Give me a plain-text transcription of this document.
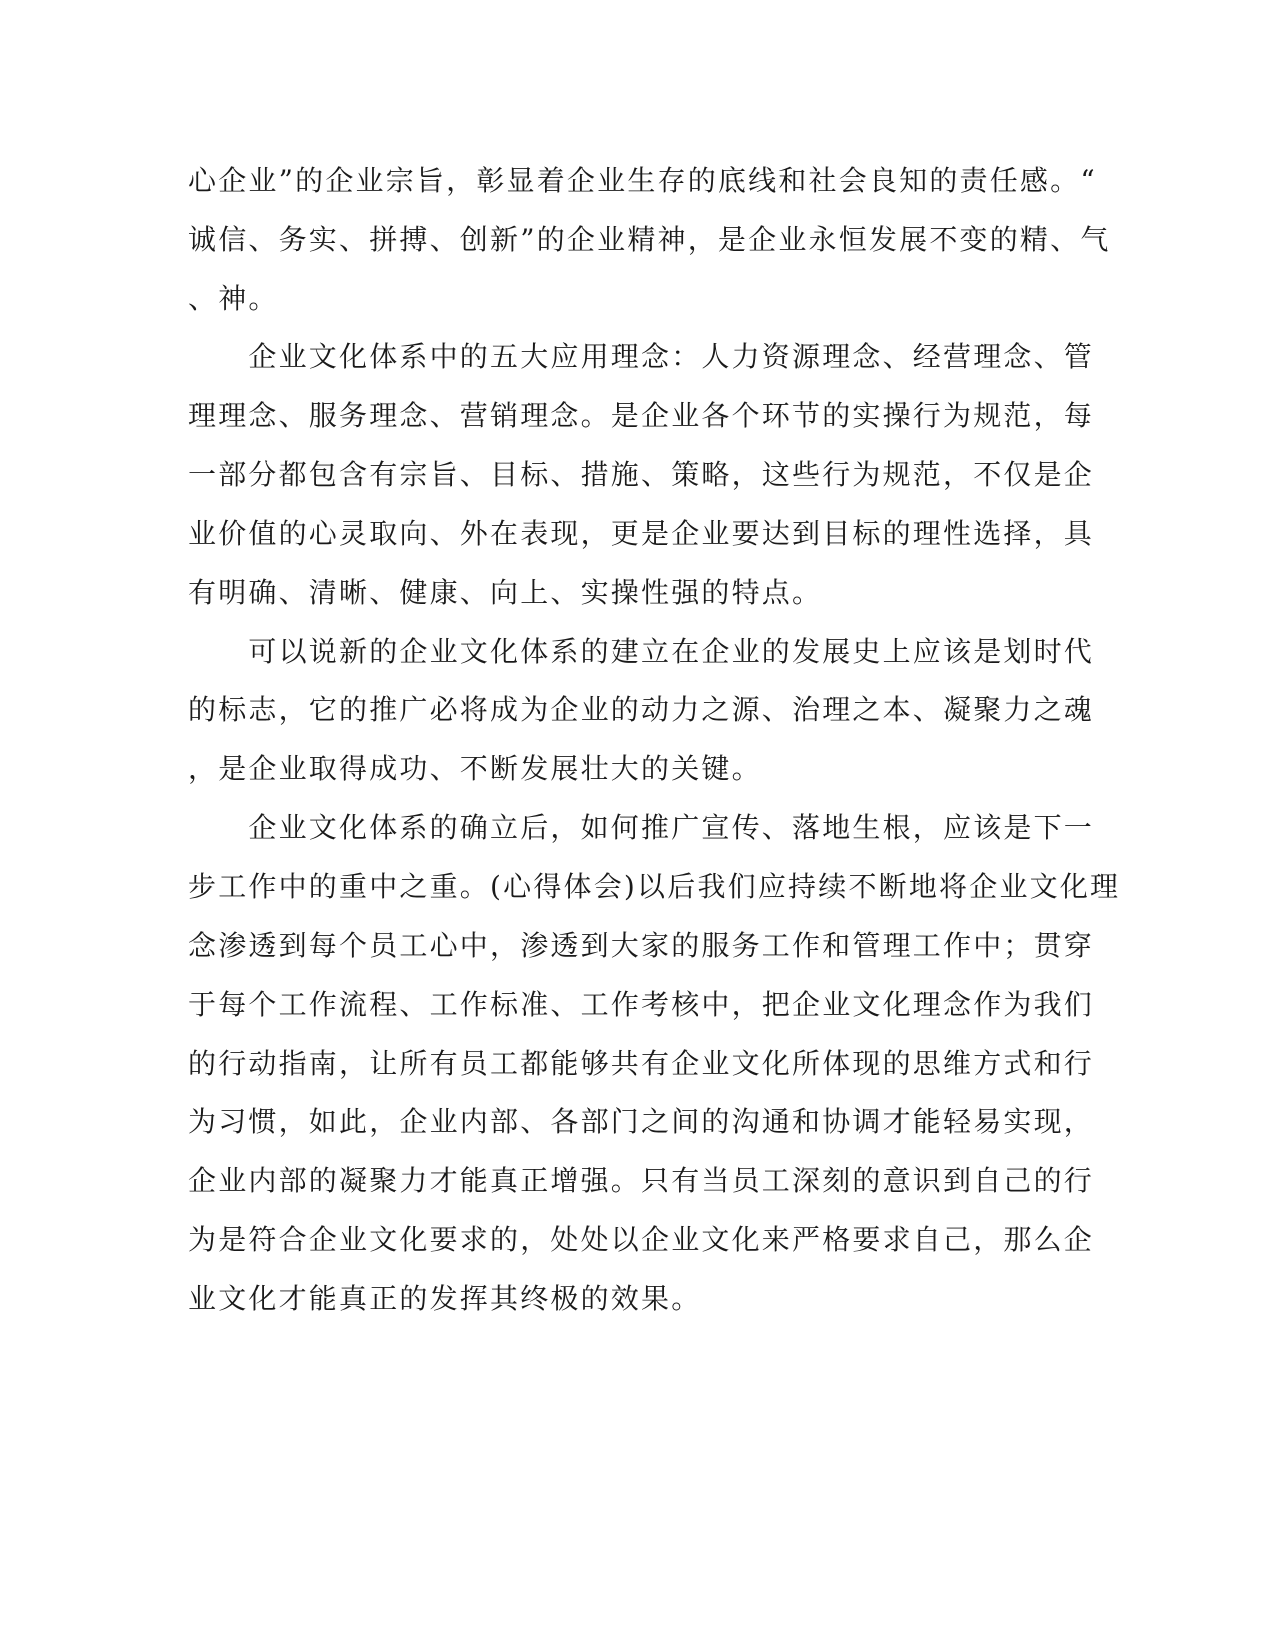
心企业”的企业宗旨，彰显着企业生存的底线和社会良知的责任感。“
诚信、务实、拼搏、创新”的企业精神，是企业永恒发展不变的精、气
、神。
　　企业文化体系中的五大应用理念：人力资源理念、经营理念、管
理理念、服务理念、营销理念。是企业各个环节的实操行为规范，每
一部分都包含有宗旨、目标、措施、策略，这些行为规范，不仅是企
业价值的心灵取向、外在表现，更是企业要达到目标的理性选择，具
有明确、清晰、健康、向上、实操性强的特点。
　　可以说新的企业文化体系的建立在企业的发展史上应该是划时代
的标志，它的推广必将成为企业的动力之源、治理之本、凝聚力之魂
，是企业取得成功、不断发展壮大的关键。
　　企业文化体系的确立后，如何推广宣传、落地生根，应该是下一
步工作中的重中之重。(心得体会)以后我们应持续不断地将企业文化理
念渗透到每个员工心中，渗透到大家的服务工作和管理工作中；贯穿
于每个工作流程、工作标准、工作考核中，把企业文化理念作为我们
的行动指南，让所有员工都能够共有企业文化所体现的思维方式和行
为习惯，如此，企业内部、各部门之间的沟通和协调才能轻易实现，
企业内部的凝聚力才能真正增强。只有当员工深刻的意识到自己的行
为是符合企业文化要求的，处处以企业文化来严格要求自己，那么企
业文化才能真正的发挥其终极的效果。
